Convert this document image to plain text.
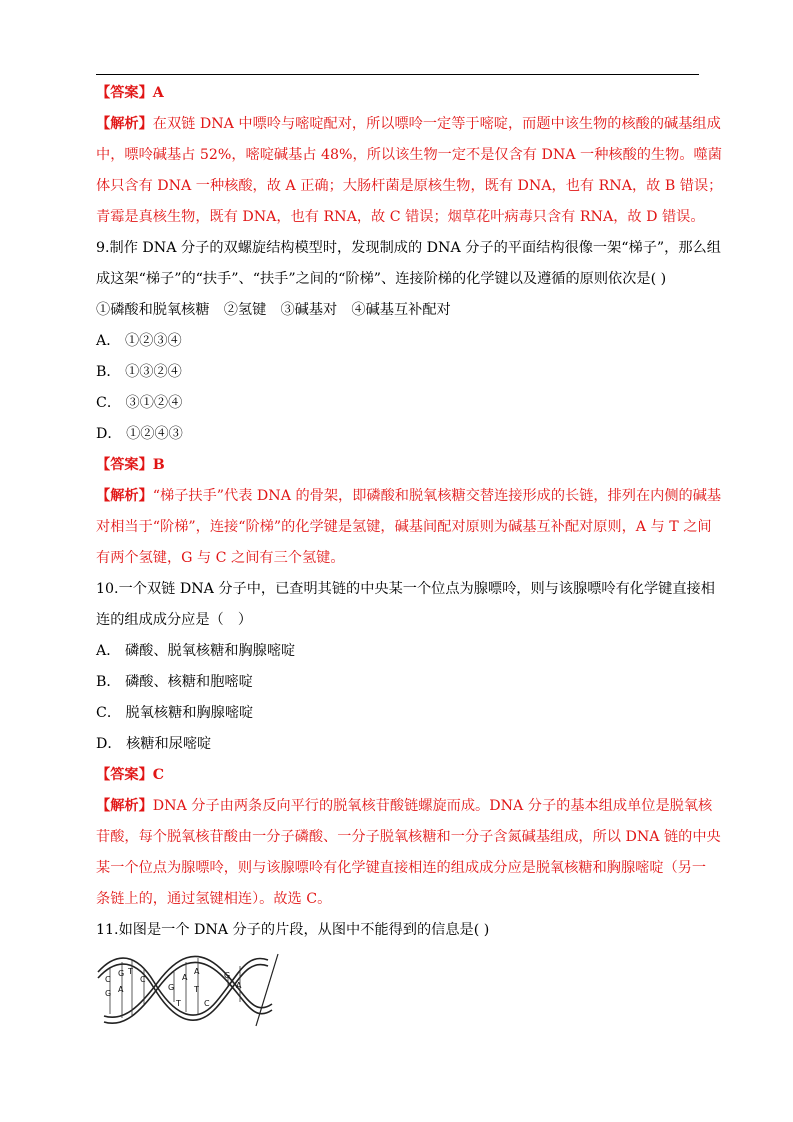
【答案】A

【解析】在双链 DNA 中嘌呤与嘧啶配对，所以嘌呤一定等于嘧啶，而题中该生物的核酸的碱基组成

中，嘌呤碱基占 52%，嘧啶碱基占 48%，所以该生物一定不是仅含有 DNA 一种核酸的生物。噬菌

体只含有 DNA 一种核酸，故 A 正确；大肠杆菌是原核生物，既有 DNA，也有 RNA，故 B 错误；

青霉是真核生物，既有 DNA，也有 RNA，故 C 错误；烟草花叶病毒只含有 RNA，故 D 错误。

9.制作 DNA 分子的双螺旋结构模型时，发现制成的 DNA 分子的平面结构很像一架“梯子”，那么组

成这架“梯子”的“扶手”、“扶手”之间的“阶梯”、连接阶梯的化学键以及遵循的原则依次是( )

①磷酸和脱氧核糖　②氢键　③碱基对　④碱基互补配对

A． ①②③④

B． ①③②④

C． ③①②④

D． ①②④③

【答案】B

【解析】“梯子扶手”代表 DNA 的骨架，即磷酸和脱氧核糖交替连接形成的长链，排列在内侧的碱基

对相当于“阶梯”，连接“阶梯”的化学键是氢键，碱基间配对原则为碱基互补配对原则，A 与 T 之间

有两个氢键，G 与 C 之间有三个氢键。

10.一个双链 DNA 分子中，已查明其链的中央某一个位点为腺嘌呤，则与该腺嘌呤有化学键直接相

连的组成成分应是（　）

A． 磷酸、脱氧核糖和胸腺嘧啶

B． 磷酸、核糖和胞嘧啶

C． 脱氧核糖和胸腺嘧啶

D． 核糖和尿嘧啶

【答案】C

【解析】DNA 分子由两条反向平行的脱氧核苷酸链螺旋而成。DNA 分子的基本组成单位是脱氧核

苷酸，每个脱氧核苷酸由一分子磷酸、一分子脱氧核糖和一分子含氮碱基组成，所以 DNA 链的中央

某一个位点为腺嘌呤，则与该腺嘌呤有化学键直接相连的组成成分应是脱氧核糖和胸腺嘧啶（另一

条链上的，通过氢键相连）。故选 C。

11.如图是一个 DNA 分子的片段，从图中不能得到的信息是( )

C
G
G
A
T
C
G
T
A
A
T
C
G
A
